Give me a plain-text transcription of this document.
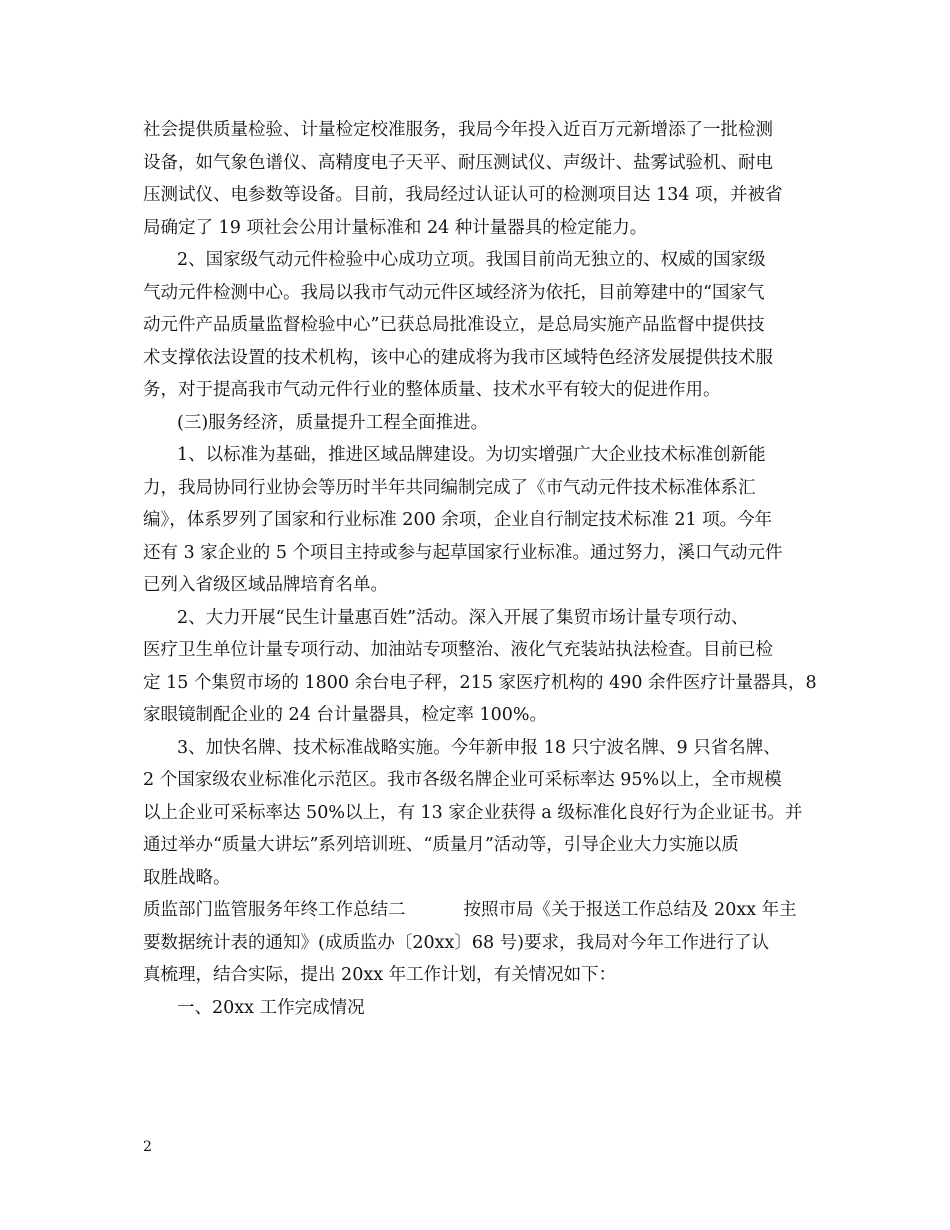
社会提供质量检验、计量检定校准服务，我局今年投入近百万元新增添了一批检测
设备，如气象色谱仪、高精度电子天平、耐压测试仪、声级计、盐雾试验机、耐电
压测试仪、电参数等设备。目前，我局经过认证认可的检测项目达 134 项，并被省
局确定了 19 项社会公用计量标准和 24 种计量器具的检定能力。
2、国家级气动元件检验中心成功立项。我国目前尚无独立的、权威的国家级
气动元件检测中心。我局以我市气动元件区域经济为依托，目前筹建中的“国家气
动元件产品质量监督检验中心”已获总局批准设立，是总局实施产品监督中提供技
术支撑依法设置的技术机构，该中心的建成将为我市区域特色经济发展提供技术服
务，对于提高我市气动元件行业的整体质量、技术水平有较大的促进作用。
(三)服务经济，质量提升工程全面推进。
1、以标准为基础，推进区域品牌建设。为切实增强广大企业技术标准创新能
力，我局协同行业协会等历时半年共同编制完成了《市气动元件技术标准体系汇
编》，体系罗列了国家和行业标准 200 余项，企业自行制定技术标准 21 项。今年
还有 3 家企业的 5 个项目主持或参与起草国家行业标准。通过努力，溪口气动元件
已列入省级区域品牌培育名单。
2、大力开展“民生计量惠百姓”活动。深入开展了集贸市场计量专项行动、
医疗卫生单位计量专项行动、加油站专项整治、液化气充装站执法检查。目前已检
定 15 个集贸市场的 1800 余台电子秤，215 家医疗机构的 490 余件医疗计量器具，8
家眼镜制配企业的 24 台计量器具，检定率 100%。
3、加快名牌、技术标准战略实施。今年新申报 18 只宁波名牌、9 只省名牌、
2 个国家级农业标准化示范区。我市各级名牌企业可采标率达 95%以上，全市规模
以上企业可采标率达 50%以上，有 13 家企业获得 a 级标准化良好行为企业证书。并
通过举办“质量大讲坛”系列培训班、“质量月”活动等，引导企业大力实施以质
取胜战略。
质监部门监管服务年终工作总结二	按照市局《关于报送工作总结及 20xx 年主
要数据统计表的通知》(成质监办〔20xx〕68 号)要求，我局对今年工作进行了认
真梳理，结合实际，提出 20xx 年工作计划，有关情况如下：
一、20xx 工作完成情况
2
